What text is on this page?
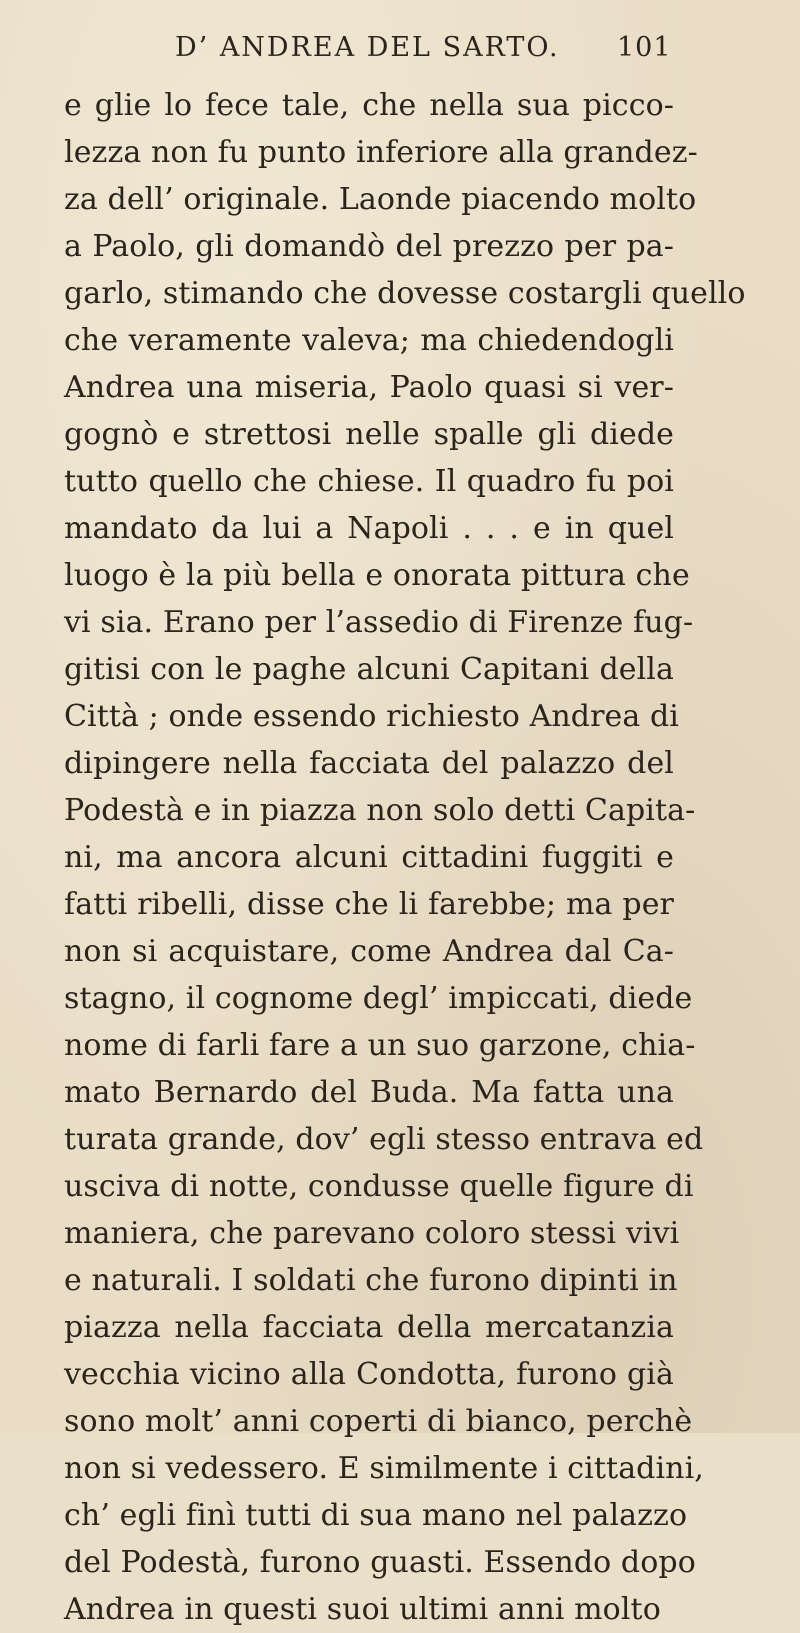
D’ ANDREA DEL SARTO. 101
e glie lo fece tale, che nella sua picco-
lezza non fu punto inferiore alla grandez-
za dell’ originale. Laonde piacendo molto
a Paolo, gli domandò del prezzo per pa-
garlo, stimando che dovesse costargli quello
che veramente valeva; ma chiedendogli
Andrea una miseria, Paolo quasi si ver-
gognò e strettosi nelle spalle gli diede
tutto quello che chiese. Il quadro fu poi
mandato da lui a Napoli . . . e in quel
luogo è la più bella e onorata pittura che
vi sia. Erano per l’assedio di Firenze fug-
gitisi con le paghe alcuni Capitani della
Città ; onde essendo richiesto Andrea di
dipingere nella facciata del palazzo del
Podestà e in piazza non solo detti Capita-
ni, ma ancora alcuni cittadini fuggiti e
fatti ribelli, disse che li farebbe; ma per
non si acquistare, come Andrea dal Ca-
stagno, il cognome degl’ impiccati, diede
nome di farli fare a un suo garzone, chia-
mato Bernardo del Buda. Ma fatta una
turata grande, dov’ egli stesso entrava ed
usciva di notte, condusse quelle figure di
maniera, che parevano coloro stessi vivi
e naturali. I soldati che furono dipinti in
piazza nella facciata della mercatanzia
vecchia vicino alla Condotta, furono già
sono molt’ anni coperti di bianco, perchè
non si vedessero. E similmente i cittadini,
ch’ egli finì tutti di sua mano nel palazzo
del Podestà, furono guasti. Essendo dopo
Andrea in questi suoi ultimi anni molto
